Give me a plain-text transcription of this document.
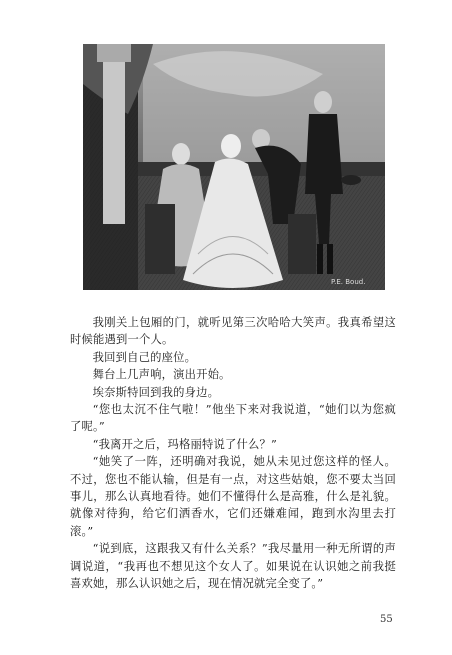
P.E. Boud.

我刚关上包厢的门，就听见第三次哈哈大笑声。我真希望这时候能遇到一个人。

我回到自己的座位。

舞台上几声响，演出开始。

埃奈斯特回到我的身边。

“您也太沉不住气啦！”他坐下来对我说道，“她们以为您疯了呢。”

“我离开之后，玛格丽特说了什么？”

“她笑了一阵，还明确对我说，她从未见过您这样的怪人。不过，您也不能认输，但是有一点，对这些姑娘，您不要太当回事儿，那么认真地看待。她们不懂得什么是高雅，什么是礼貌。就像对待狗，给它们洒香水，它们还嫌难闻，跑到水沟里去打滚。”

“说到底，这跟我又有什么关系？”我尽量用一种无所谓的声调说道，“我再也不想见这个女人了。如果说在认识她之前我挺喜欢她，那么认识她之后，现在情况就完全变了。”

55
